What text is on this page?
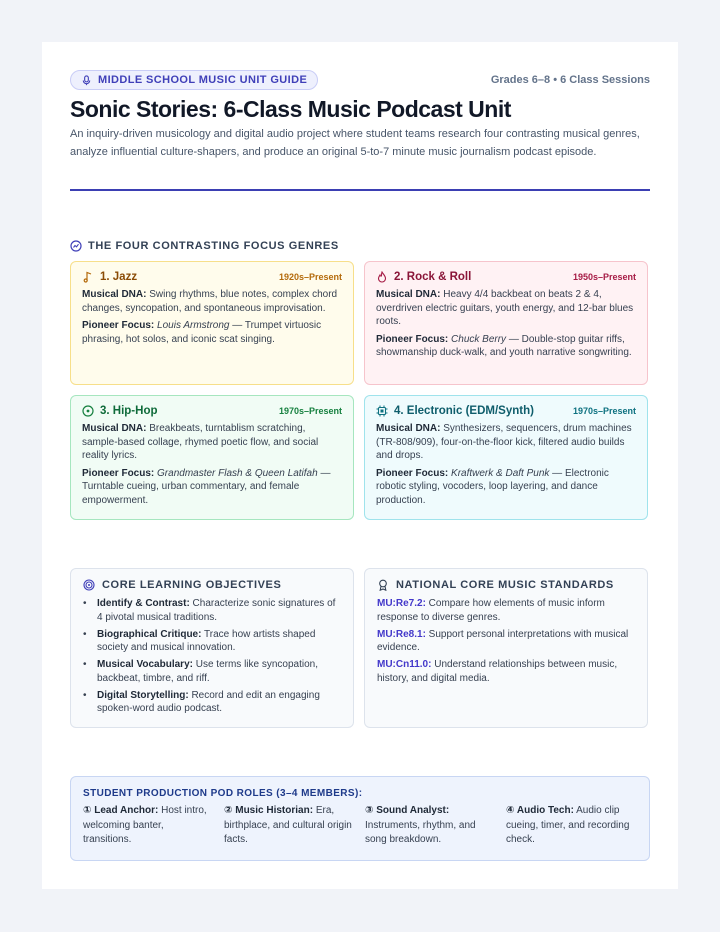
MIDDLE SCHOOL MUSIC UNIT GUIDE	Grades 6–8 • 6 Class Sessions
Sonic Stories: 6-Class Music Podcast Unit

An inquiry-driven musicology and digital audio project where student teams research four contrasting musical genres, analyze influential culture-shapers, and produce an original 5-to-7 minute music journalism podcast episode.

THE FOUR CONTRASTING FOCUS GENRES
1. Jazz	1920s–Present

Musical DNA: Swing rhythms, blue notes, complex chord changes, syncopation, and spontaneous improvisation.

Pioneer Focus: Louis Armstrong — Trumpet virtuosic phrasing, hot solos, and iconic scat singing.

2. Rock & Roll	1950s–Present

Musical DNA: Heavy 4/4 backbeat on beats 2 & 4, overdriven electric guitars, youth energy, and 12-bar blues roots.

Pioneer Focus: Chuck Berry — Double-stop guitar riffs, showmanship duck-walk, and youth narrative songwriting.

3. Hip-Hop	1970s–Present

Musical DNA: Breakbeats, turntablism scratching, sample-based collage, rhymed poetic flow, and social reality lyrics.

Pioneer Focus: Grandmaster Flash & Queen Latifah — Turntable cueing, urban commentary, and female empowerment.

4. Electronic (EDM/Synth)	1970s–Present

Musical DNA: Synthesizers, sequencers, drum machines (TR-808/909), four-on-the-floor kick, filtered audio builds and drops.

Pioneer Focus: Kraftwerk & Daft Punk — Electronic robotic styling, vocoders, loop layering, and dance production.

CORE LEARNING OBJECTIVES
• Identify & Contrast: Characterize sonic signatures of 4 pivotal musical traditions.
• Biographical Critique: Trace how artists shaped society and musical innovation.
• Musical Vocabulary: Use terms like syncopation, backbeat, timbre, and riff.
• Digital Storytelling: Record and edit an engaging spoken-word audio podcast.
NATIONAL CORE MUSIC STANDARDS

MU:Re7.2: Compare how elements of music inform response to diverse genres.

MU:Re8.1: Support personal interpretations with musical evidence.

MU:Cn11.0: Understand relationships between music, history, and digital media.

STUDENT PRODUCTION POD ROLES (3–4 MEMBERS):
① Lead Anchor: Host intro, welcoming banter, transitions.
② Music Historian: Era, birthplace, and cultural origin facts.
③ Sound Analyst: Instruments, rhythm, and song breakdown.
④ Audio Tech: Audio clip cueing, timer, and recording check.
